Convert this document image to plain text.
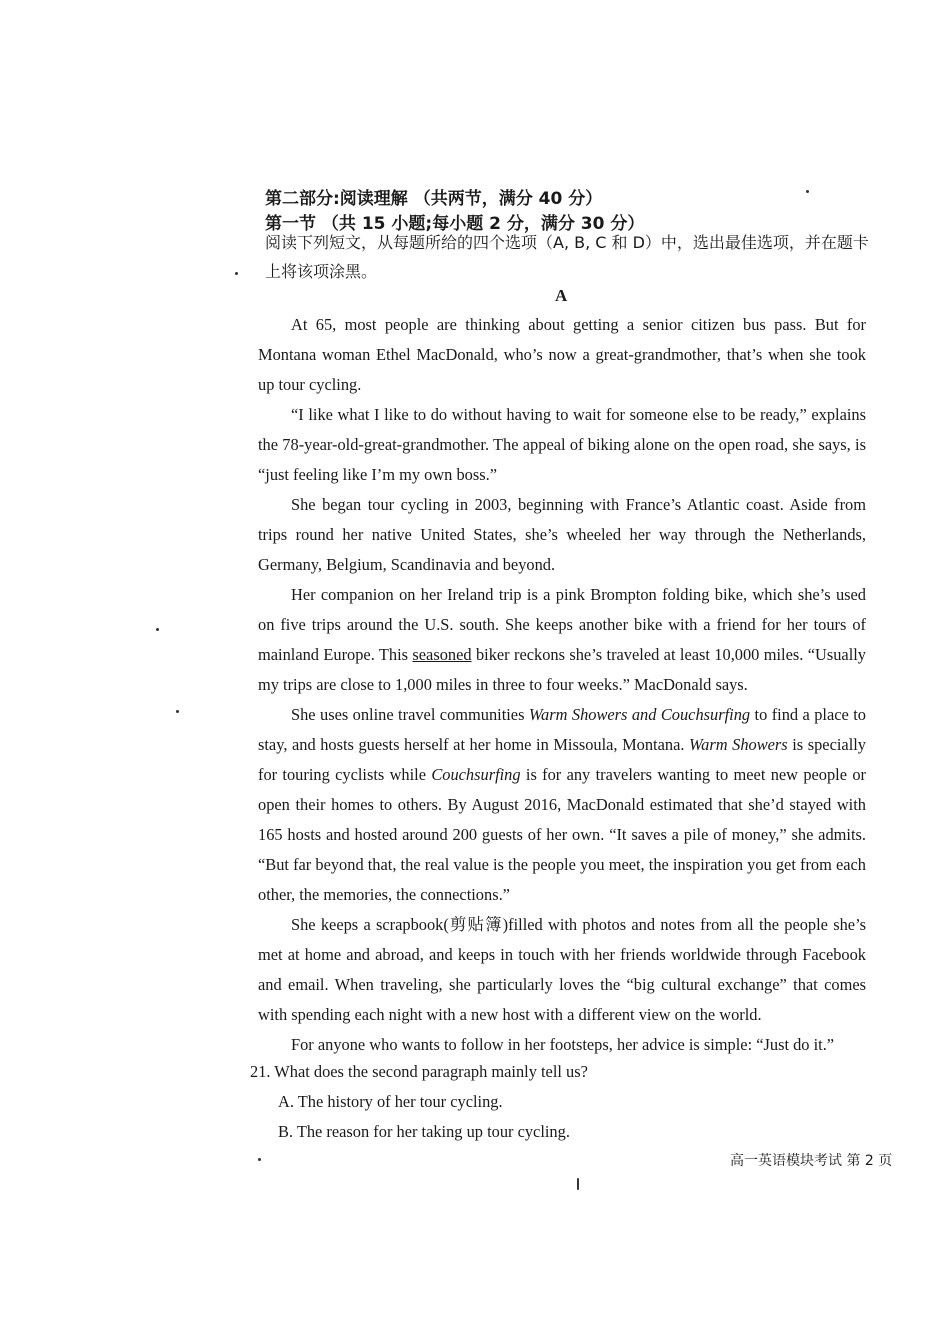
第二部分:阅读理解 （共两节，满分 40 分）
第一节 （共 15 小题;每小题 2 分，满分 30 分）
阅读下列短文，从每题所给的四个选项（A, B, C 和 D）中，选出最佳选项，并在题卡上将该项涂黑。
A

At 65, most people are thinking about getting a senior citizen bus pass. But for Montana woman Ethel MacDonald, who’s now a great-grandmother, that’s when she took up tour cycling.

“I like what I like to do without having to wait for someone else to be ready,” explains the 78-year-old-great-grandmother. The appeal of biking alone on the open road, she says, is “just feeling like I’m my own boss.”

She began tour cycling in 2003, beginning with France’s Atlantic coast. Aside from trips round her native United States, she’s wheeled her way through the Netherlands, Germany, Belgium, Scandinavia and beyond.

Her companion on her Ireland trip is a pink Brompton folding bike, which she’s used on five trips around the U.S. south. She keeps another bike with a friend for her tours of mainland Europe. This seasoned biker reckons she’s traveled at least 10,000 miles. “Usually my trips are close to 1,000 miles in three to four weeks.” MacDonald says.

She uses online travel communities Warm Showers and Couchsurfing to find a place to stay, and hosts guests herself at her home in Missoula, Montana. Warm Showers is specially for touring cyclists while Couchsurfing is for any travelers wanting to meet new people or open their homes to others. By August 2016, MacDonald estimated that she’d stayed with 165 hosts and hosted around 200 guests of her own. “It saves a pile of money,” she admits. “But far beyond that, the real value is the people you meet, the inspiration you get from each other, the memories, the connections.”

She keeps a scrapbook(剪贴簿)filled with photos and notes from all the people she’s met at home and abroad, and keeps in touch with her friends worldwide through Facebook and email. When traveling, she particularly loves the “big cultural exchange” that comes with spending each night with a new host with a different view on the world.

For anyone who wants to follow in her footsteps, her advice is simple: “Just do it.”

21. What does the second paragraph mainly tell us?
A. The history of her tour cycling.
B. The reason for her taking up tour cycling.
高一英语模块考试 第 2 页
